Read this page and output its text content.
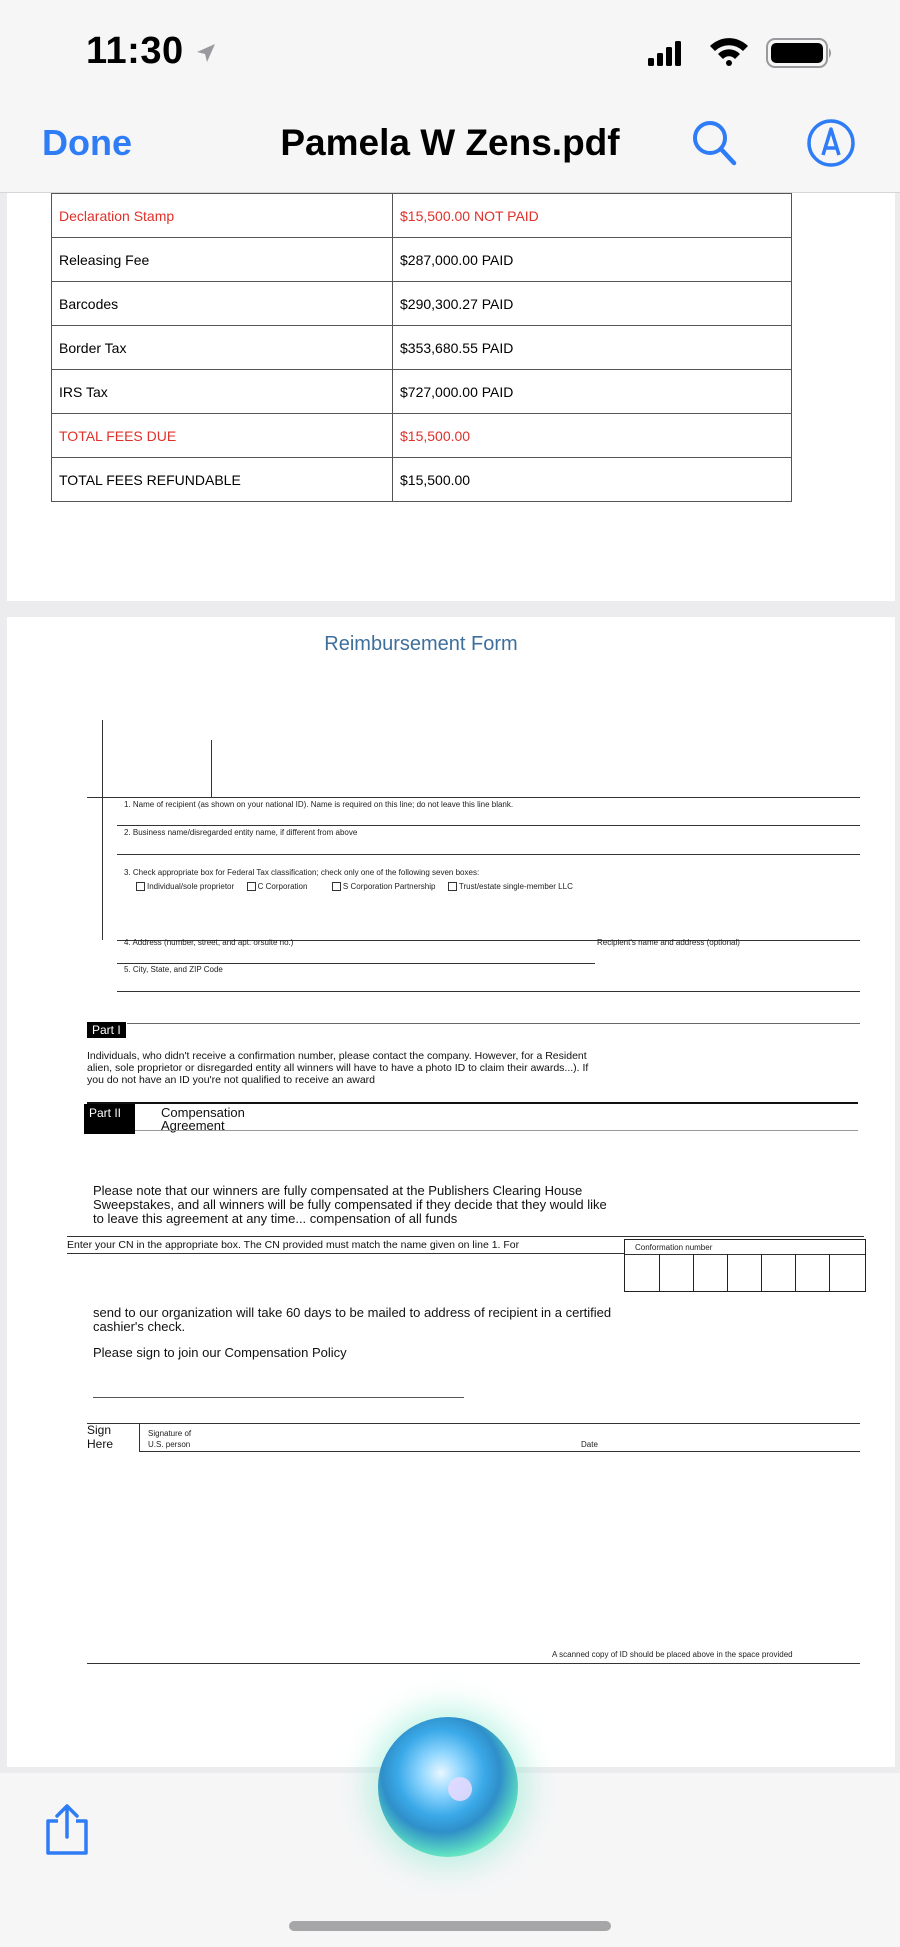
11:30
Pamela W Zens.pdf
Done
Declaration Stamp	$15,500.00 NOT PAID
Releasing Fee	$287,000.00 PAID
Barcodes	$290,300.27 PAID
Border Tax	$353,680.55 PAID
IRS Tax	$727,000.00 PAID
TOTAL FEES DUE	$15,500.00
TOTAL FEES REFUNDABLE	$15,500.00
Reimbursement Form
1. Name of recipient (as shown on your national ID). Name is required on this line; do not leave this line blank.
2. Business name/disregarded entity name, if different from above
3. Check appropriate box for Federal Tax classification; check only one of the following seven boxes:
Individual/sole proprietor	C Corporation	S Corporation Partnership	Trust/estate single-member LLC
4. Address (number, street, and apt. orsuite no.)	Recipient's name and address (optional)
5. City, State, and ZIP Code
Part I
Individuals, who didn't receive a confirmation number, please contact the company. However, for a Resident alien, sole proprietor or disregarded entity all winners will have to have a photo ID to claim their awards...). If you do not have an ID you're not qualified to receive an award
Part II	Compensation
Agreement
Please note that our winners are fully compensated at the Publishers Clearing House Sweepstakes, and all winners will be fully compensated if they decide that they would like to leave this agreement at any time... compensation of all funds
Enter your CN in the appropriate box. The CN provided must match the name given on line 1. For	Conformation number
send to our organization will take 60 days to be mailed to address of recipient in a certified cashier's check.
Please sign to join our Compensation Policy
Sign
Here
Signature of
U.S. person	Date
A scanned copy of ID should be placed above in the space provided
